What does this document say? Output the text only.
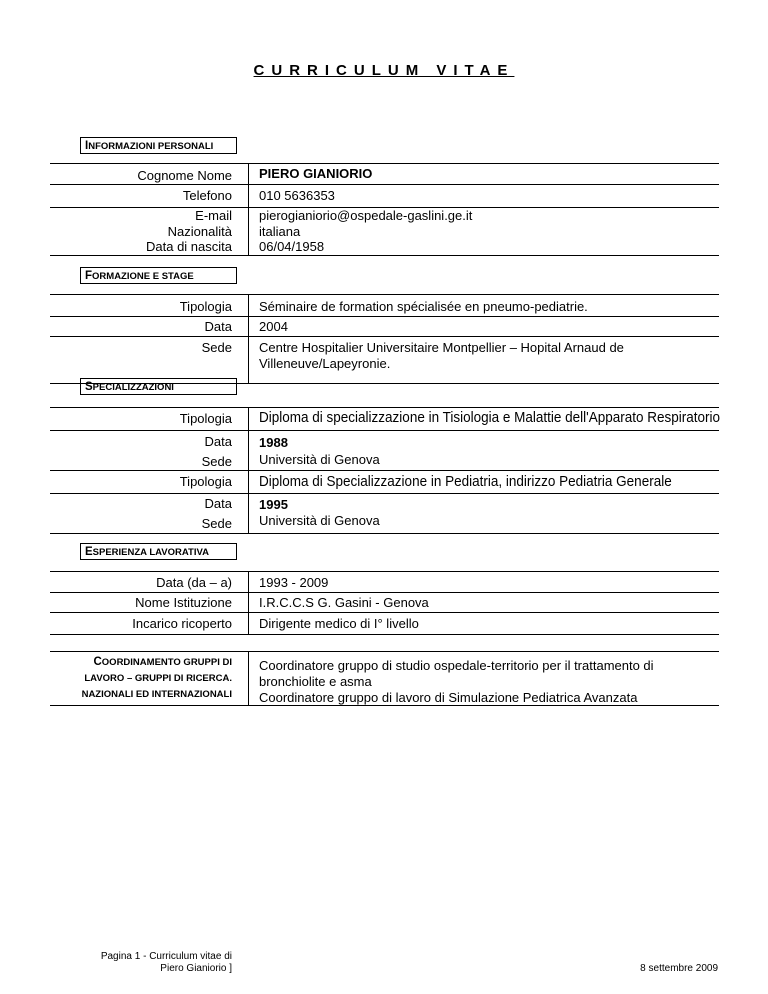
CURRICULUM VITAE
INFORMAZIONI PERSONALI
Cognome Nome PIERO GIANIORIO
Telefono 010 5636353
E-mail pierogianiorio@ospedale-gaslini.ge.it
Nazionalità italiana
Data di nascita 06/04/1958
FORMAZIONE E STAGE
Tipologia Séminaire de formation spécialisée en pneumo-pediatrie.
Data 2004
Sede Centre Hospitalier Universitaire Montpellier – Hopital Arnaud de
Villeneuve/Lapeyronie.
SPECIALIZZAZIONI
Tipologia Diploma di specializzazione in Tisiologia e Malattie dell'Apparato Respiratorio
Data 1988
Sede Università di Genova
Tipologia Diploma di Specializzazione in Pediatria, indirizzo Pediatria Generale
Data 1995
Sede Università di Genova
ESPERIENZA LAVORATIVA
Data (da – a) 1993 - 2009
Nome Istituzione I.R.C.C.S G. Gasini - Genova
Incarico ricoperto Dirigente medico di I° livello
COORDINAMENTO GRUPPI DI
LAVORO – GRUPPI DI RICERCA.
NAZIONALI ED INTERNAZIONALI
Coordinatore gruppo di studio ospedale-territorio per il trattamento di
bronchiolite e asma
Coordinatore gruppo di lavoro di Simulazione Pediatrica Avanzata
Pagina 1 - Curriculum vitae di
Piero Gianiorio ]	8 settembre 2009
